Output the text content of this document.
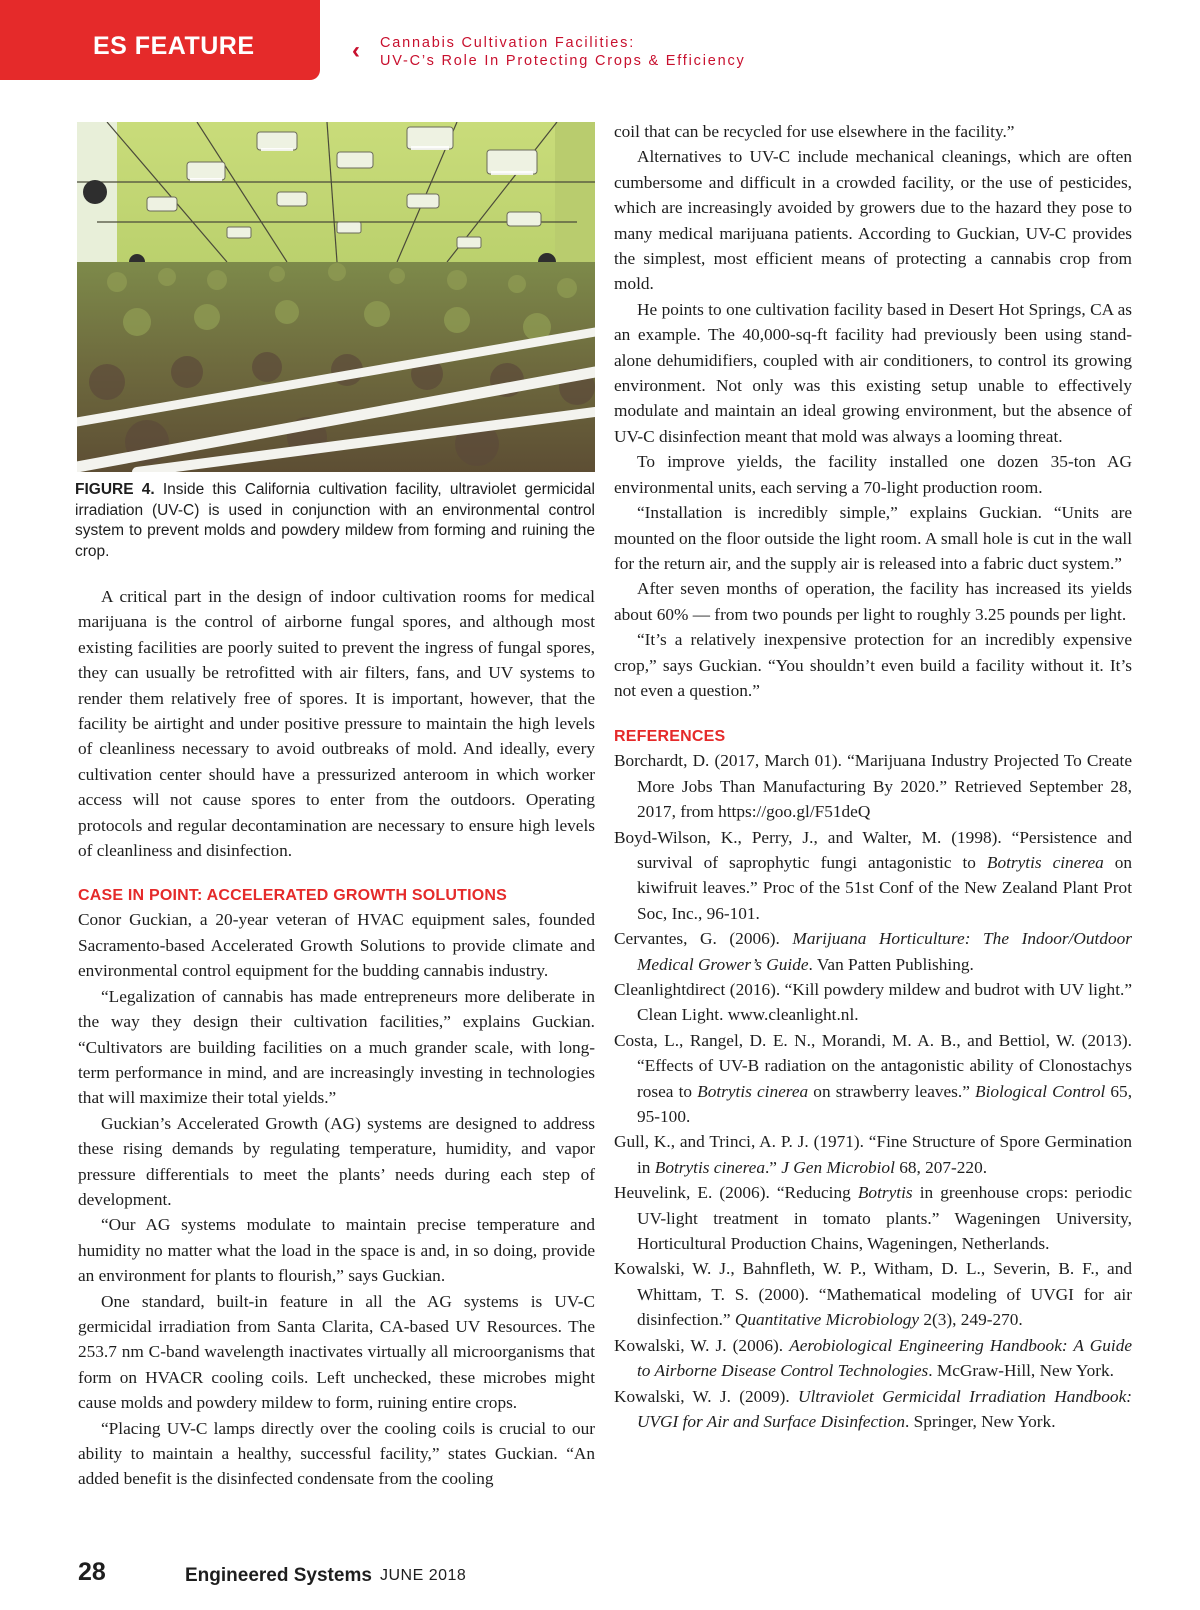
ES FEATURE	‹ Cannabis Cultivation Facilities:
UV-C’s Role In Protecting Crops & Efficiency
FIGURE 4. Inside this California cultivation facility, ultraviolet germicidal irradiation (UV-C) is used in conjunction with an environmental control system to prevent molds and powdery mildew from forming and ruining the crop.

A critical part in the design of indoor cultivation rooms for medical marijuana is the control of airborne fungal spores, and although most existing facilities are poorly suited to prevent the ingress of fungal spores, they can usually be retrofitted with air filters, fans, and UV systems to render them relatively free of spores. It is important, however, that the facility be airtight and under positive pressure to maintain the high levels of cleanliness necessary to avoid outbreaks of mold. And ideally, every cultivation center should have a pressurized anteroom in which worker access will not cause spores to enter from the outdoors. Operating protocols and regular decontamination are necessary to ensure high levels of cleanliness and disinfection.

CASE IN POINT: ACCELERATED GROWTH SOLUTIONS

Conor Guckian, a 20-year veteran of HVAC equipment sales, founded Sacramento-based Accelerated Growth Solutions to provide climate and environmental control equipment for the budding cannabis industry.

“Legalization of cannabis has made entrepreneurs more deliberate in the way they design their cultivation facilities,” explains Guckian. “Cultivators are building facilities on a much grander scale, with long-term performance in mind, and are increasingly investing in technologies that will maximize their total yields.”

Guckian’s Accelerated Growth (AG) systems are designed to address these rising demands by regulating temperature, humidity, and vapor pressure differentials to meet the plants’ needs during each step of development.

“Our AG systems modulate to maintain precise temperature and humidity no matter what the load in the space is and, in so doing, provide an environment for plants to flourish,” says Guckian.

One standard, built-in feature in all the AG systems is UV-C germicidal irradiation from Santa Clarita, CA-based UV Resources. The 253.7 nm C-band wavelength inactivates virtually all microorganisms that form on HVACR cooling coils. Left unchecked, these microbes might cause molds and powdery mildew to form, ruining entire crops.

“Placing UV-C lamps directly over the cooling coils is crucial to our ability to maintain a healthy, successful facility,” states Guckian. “An added benefit is the disinfected condensate from the cooling

coil that can be recycled for use elsewhere in the facility.”

Alternatives to UV-C include mechanical cleanings, which are often cumbersome and difficult in a crowded facility, or the use of pesticides, which are increasingly avoided by growers due to the hazard they pose to many medical marijuana patients. According to Guckian, UV-C provides the simplest, most efficient means of protecting a cannabis crop from mold.

He points to one cultivation facility based in Desert Hot Springs, CA as an example. The 40,000-sq-ft facility had previously been using stand-alone dehumidifiers, coupled with air conditioners, to control its growing environment. Not only was this existing setup unable to effectively modulate and maintain an ideal growing environment, but the absence of UV-C disinfection meant that mold was always a looming threat.

To improve yields, the facility installed one dozen 35-ton AG environmental units, each serving a 70-light production room.

“Installation is incredibly simple,” explains Guckian. “Units are mounted on the floor outside the light room. A small hole is cut in the wall for the return air, and the supply air is released into a fabric duct system.”

After seven months of operation, the facility has increased its yields about 60% — from two pounds per light to roughly 3.25 pounds per light.

“It’s a relatively inexpensive protection for an incredibly expensive crop,” says Guckian. “You shouldn’t even build a facility without it. It’s not even a question.”

REFERENCES
Borchardt, D. (2017, March 01). “Marijuana Industry Projected To Create More Jobs Than Manufacturing By 2020.” Retrieved September 28, 2017, from https://goo.gl/F51deQ
Boyd-Wilson, K., Perry, J., and Walter, M. (1998). “Persistence and survival of saprophytic fungi antagonistic to Botrytis cinerea on kiwifruit leaves.” Proc of the 51st Conf of the New Zealand Plant Prot Soc, Inc., 96-101.
Cervantes, G. (2006). Marijuana Horticulture: The Indoor/Outdoor Medical Grower’s Guide. Van Patten Publishing.
Cleanlightdirect (2016). “Kill powdery mildew and budrot with UV light.” Clean Light. www.cleanlight.nl.
Costa, L., Rangel, D. E. N., Morandi, M. A. B., and Bettiol, W. (2013). “Effects of UV-B radiation on the antagonistic ability of Clonostachys rosea to Botrytis cinerea on strawberry leaves.” Biological Control 65, 95-100.
Gull, K., and Trinci, A. P. J. (1971). “Fine Structure of Spore Germination in Botrytis cinerea.” J Gen Microbiol 68, 207-220.
Heuvelink, E. (2006). “Reducing Botrytis in greenhouse crops: periodic UV-light treatment in tomato plants.” Wageningen University, Horticultural Production Chains, Wageningen, Netherlands.
Kowalski, W. J., Bahnfleth, W. P., Witham, D. L., Severin, B. F., and Whittam, T. S. (2000). “Mathematical modeling of UVGI for air disinfection.” Quantitative Microbiology 2(3), 249-270.
Kowalski, W. J. (2006). Aerobiological Engineering Handbook: A Guide to Airborne Disease Control Technologies. McGraw-Hill, New York.
Kowalski, W. J. (2009). Ultraviolet Germicidal Irradiation Handbook: UVGI for Air and Surface Disinfection. Springer, New York.
28	Engineered Systems JUNE 2018
